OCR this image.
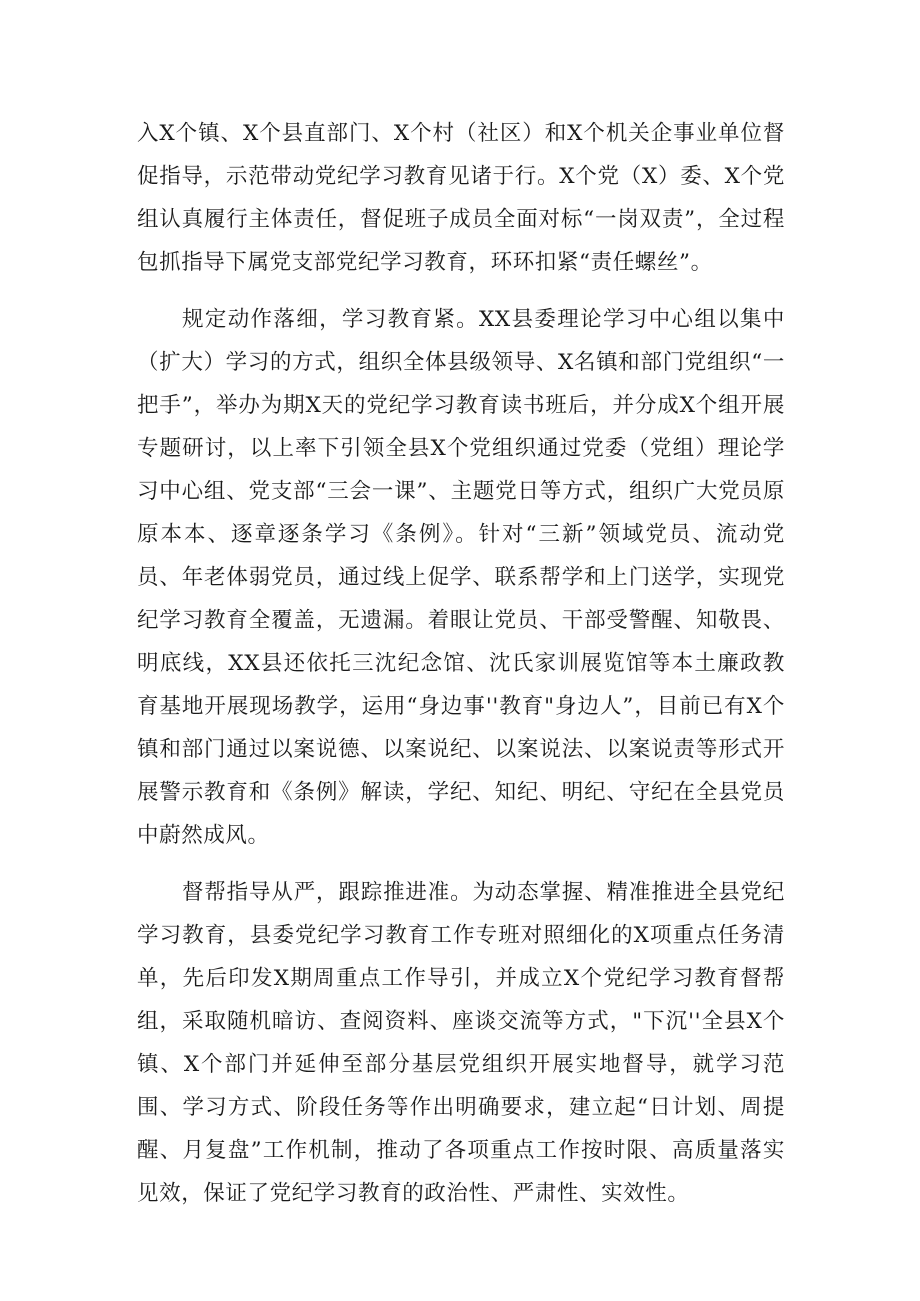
入X个镇、X个县直部门、X个村（社区）和X个机关企事业单位督促指导，示范带动党纪学习教育见诸于行。X个党（X）委、X个党组认真履行主体责任，督促班子成员全面对标“一岗双责”，全过程包抓指导下属党支部党纪学习教育，环环扣紧“责任螺丝”。

规定动作落细，学习教育紧。XX县委理论学习中心组以集中（扩大）学习的方式，组织全体县级领导、X名镇和部门党组织“一把手”，举办为期X天的党纪学习教育读书班后，并分成X个组开展专题研讨，以上率下引领全县X个党组织通过党委（党组）理论学习中心组、党支部“三会一课”、主题党日等方式，组织广大党员原原本本、逐章逐条学习《条例》。针对“三新”领域党员、流动党员、年老体弱党员，通过线上促学、联系帮学和上门送学，实现党纪学习教育全覆盖，无遗漏。着眼让党员、干部受警醒、知敬畏、明底线，XX县还依托三沈纪念馆、沈氏家训展览馆等本土廉政教育基地开展现场教学，运用“身边事''教育"身边人”，目前已有X个镇和部门通过以案说德、以案说纪、以案说法、以案说责等形式开展警示教育和《条例》解读，学纪、知纪、明纪、守纪在全县党员中蔚然成风。

督帮指导从严，跟踪推进准。为动态掌握、精准推进全县党纪学习教育，县委党纪学习教育工作专班对照细化的X项重点任务清单，先后印发X期周重点工作导引，并成立X个党纪学习教育督帮组，采取随机暗访、查阅资料、座谈交流等方式，"下沉''全县X个镇、X个部门并延伸至部分基层党组织开展实地督导，就学习范围、学习方式、阶段任务等作出明确要求，建立起“日计划、周提醒、月复盘”工作机制，推动了各项重点工作按时限、高质量落实见效，保证了党纪学习教育的政治性、严肃性、实效性。
